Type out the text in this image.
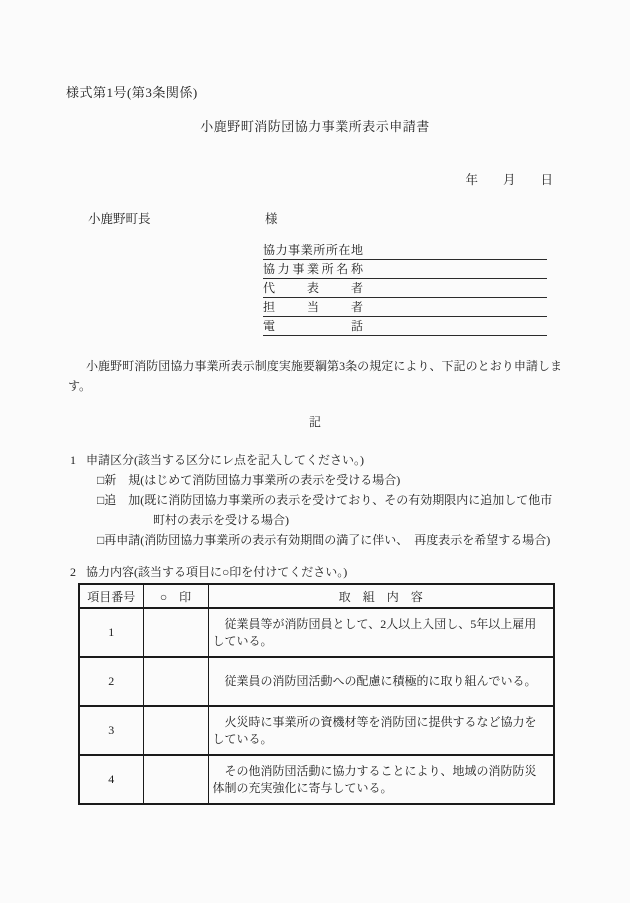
様式第1号(第3条関係)
小鹿野町消防団協力事業所表示申請書
年　　月　　日
小鹿野町長	様
協 力 事 業 所 所 在 地
協 力 事 業 所 名 称
代	表	者
担	当	者
電	話
小鹿野町消防団協力事業所表示制度実施要綱第3条の規定により、下記のとおり申請します。
記
1 申請区分(該当する区分にレ点を記入してください。)
□新　規(はじめて消防団協力事業所の表示を受ける場合)
□追　加(既に消防団協力事業所の表示を受けており、その有効期限内に追加して他市
町村の表示を受ける場合)
□再申請(消防団協力事業所の表示有効期間の満了に伴い、　再度表示を希望する場合)
2 協力内容(該当する項目に○印を付けてください。)
項目番号	○　印	取　組　内　容
1		従業員等が消防団員として、2人以上入団し、5年以上雇用している。
2		従業員の消防団活動への配慮に積極的に取り組んでいる。
3		火災時に事業所の資機材等を消防団に提供するなど協力をしている。
4		その他消防団活動に協力することにより、地域の消防防災体制の充実強化に寄与している。
